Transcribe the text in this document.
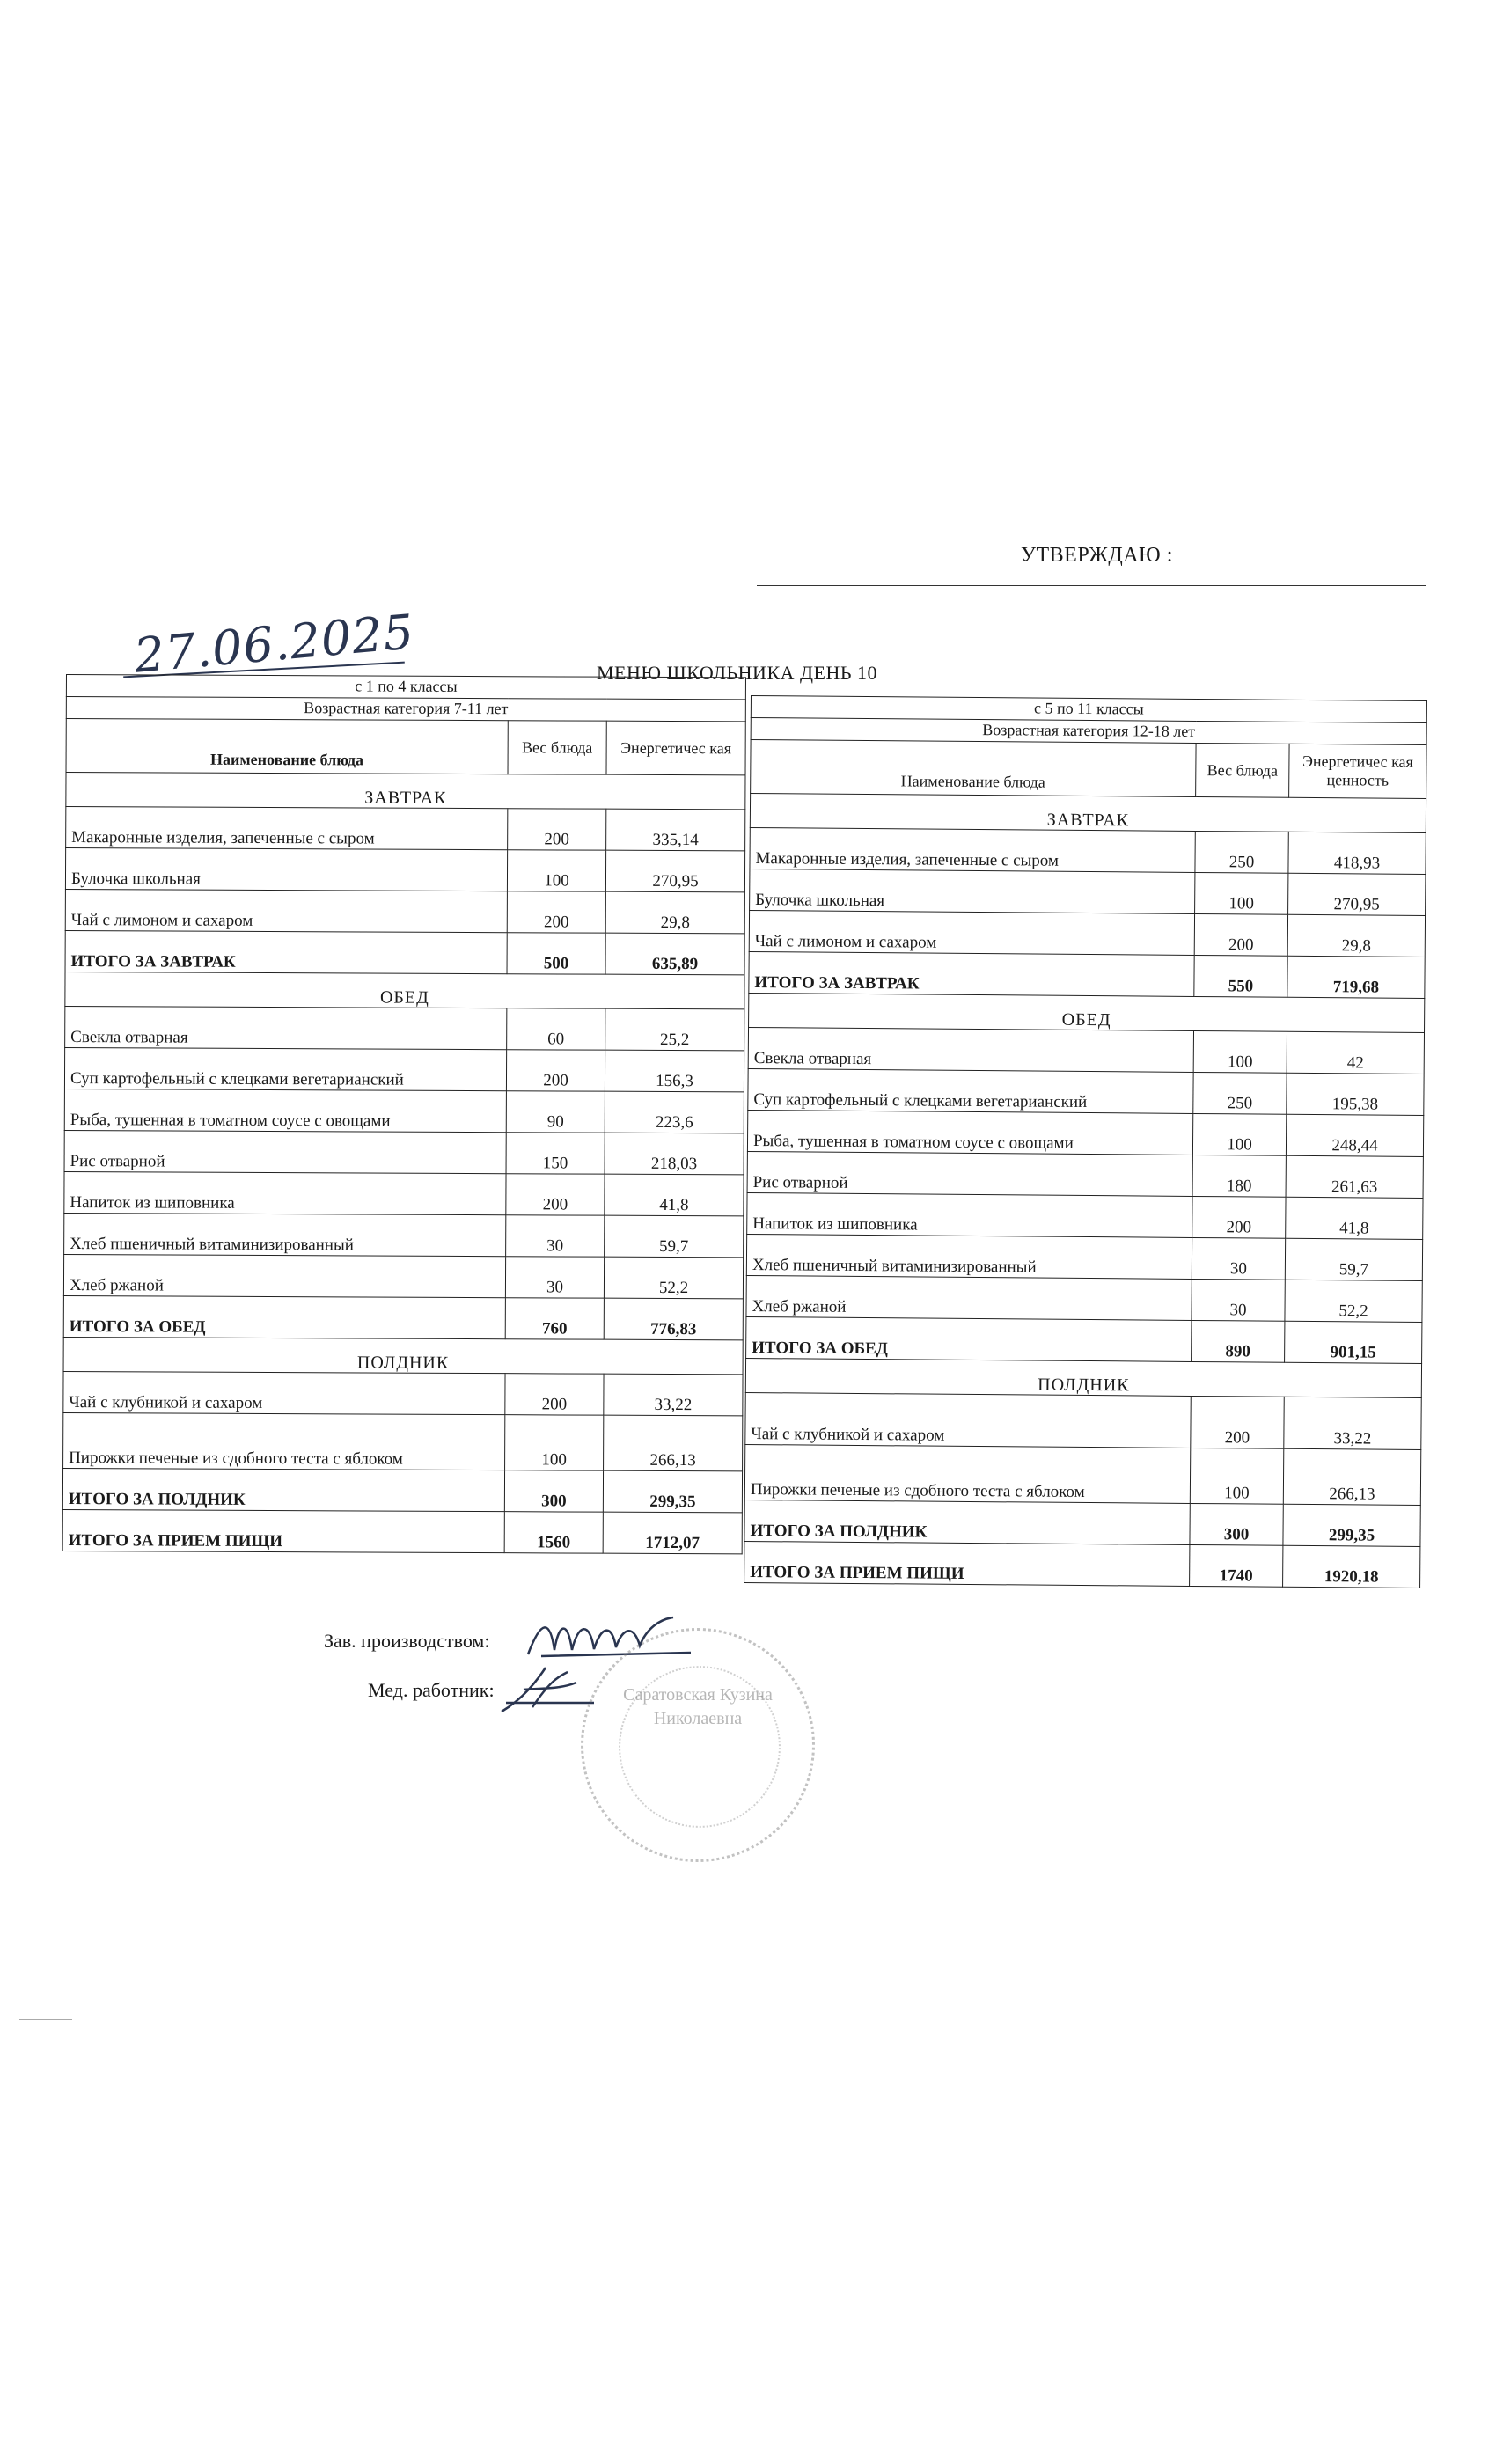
УТВЕРЖДАЮ :
27.06.2025	МЕНЮ ШКОЛЬНИКА ДЕНЬ 10
с 1 по 4 классы		
Возрастная категория 7-11 лет		
Наименование блюда	Вес блюда	Энергетичес кая
ЗАВТРАК		
Макаронные изделия, запеченные с сыром	200	335,14
Булочка школьная	100	270,95
Чай с лимоном и сахаром	200	29,8
ИТОГО ЗА ЗАВТРАК	500	635,89
ОБЕД		
Свекла отварная	60	25,2
Суп картофельный с клецками вегетарианский	200	156,3
Рыба, тушенная в томатном соусе с овощами	90	223,6
Рис отварной	150	218,03
Напиток из шиповника	200	41,8
Хлеб пшеничный витаминизированный	30	59,7
Хлеб ржаной	30	52,2
ИТОГО ЗА ОБЕД	760	776,83
ПОЛДНИК		
Чай с клубникой и сахаром	200	33,22
Пирожки печеные из сдобного теста с яблоком	100	266,13
ИТОГО ЗА ПОЛДНИК	300	299,35
ИТОГО ЗА ПРИЕМ ПИЩИ	1560	1712,07
с 5 по 11 классы		
Возрастная категория 12-18 лет		
Наименование блюда	Вес блюда	Энергетичес кая ценность
ЗАВТРАК		
Макаронные изделия, запеченные с сыром	250	418,93
Булочка школьная	100	270,95
Чай с лимоном и сахаром	200	29,8
ИТОГО ЗА ЗАВТРАК	550	719,68
ОБЕД		
Свекла отварная	100	42
Суп картофельный с клецками вегетарианский	250	195,38
Рыба, тушенная в томатном соусе с овощами	100	248,44
Рис отварной	180	261,63
Напиток из шиповника	200	41,8
Хлеб пшеничный витаминизированный	30	59,7
Хлеб ржаной	30	52,2
ИТОГО ЗА ОБЕД	890	901,15
ПОЛДНИК		
Чай с клубникой и сахаром	200	33,22
Пирожки печеные из сдобного теста с яблоком	100	266,13
ИТОГО ЗА ПОЛДНИК	300	299,35
ИТОГО ЗА ПРИЕМ ПИЩИ	1740	1920,18
Зав. производством:
Мед. работник:	Саратовская Кузина Николаевна
